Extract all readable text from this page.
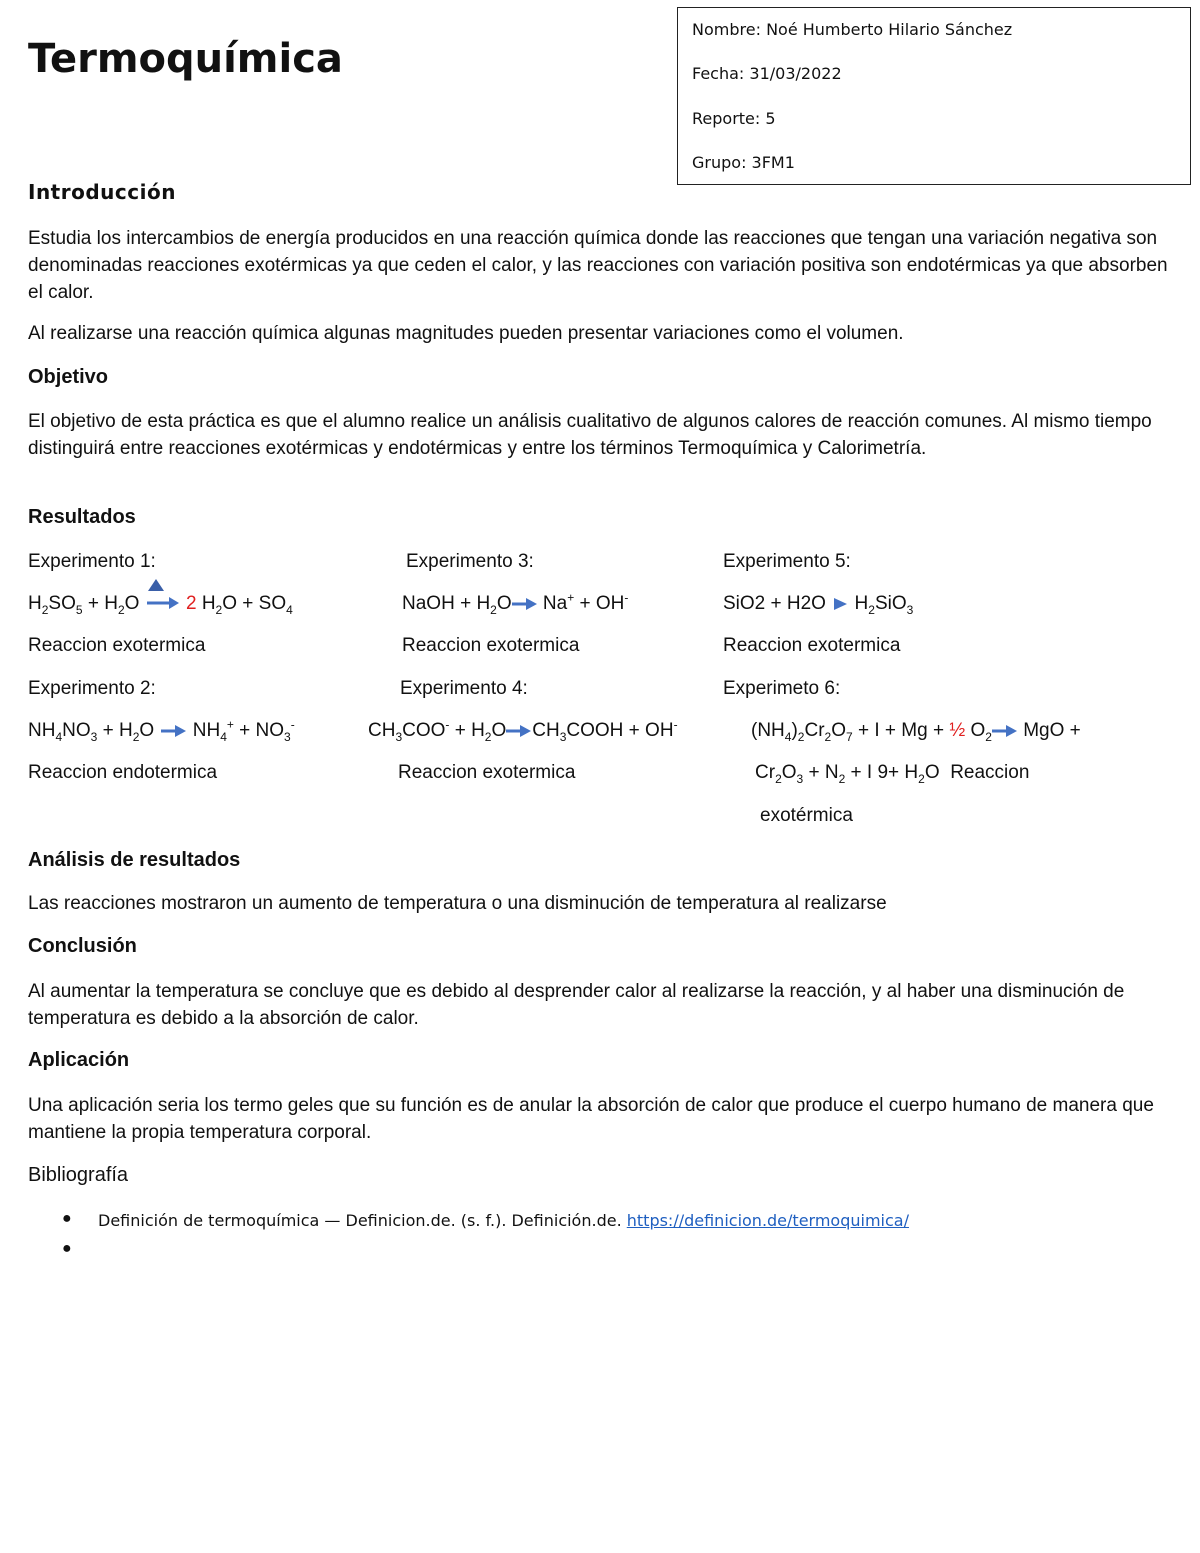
Termoquímica
Nombre: Noé Humberto Hilario Sánchez
Fecha: 31/03/2022
Reporte: 5
Grupo: 3FM1
Introducción

Estudia los intercambios de energía producidos en una reacción química donde las reacciones que tengan una variación negativa son denominadas reacciones exotérmicas ya que ceden el calor, y las reacciones con variación positiva son endotérmicas ya que absorben el calor.

Al realizarse una reacción química algunas magnitudes pueden presentar variaciones como el volumen.

Objetivo

El objetivo de esta práctica es que el alumno realice un análisis cualitativo de algunos calores de reacción comunes. Al mismo tiempo distinguirá entre reacciones exotérmicas y endotérmicas y entre los términos Termoquímica y Calorimetría.

Resultados
Experimento 1:	Experimento 3:	Experimento 5:
$H_2SO_5 + H_2O$  2 $H_2O + SO_4$	NaOH + $H_2O$ Na+ + OH-	SiO2 + H2O  $H_2SiO_3$
Reaccion exotermica	Reaccion exotermica	Reaccion exotermica
Experimento 2:	Experimento 4:	Experimeto 6:
$NH_4NO_3 + H_2O$  $NH_4^+ + NO_3^-$	$CH_3COO^- + H_2O$ $CH_3COOH + OH^-$	$(NH_4)_2Cr_2O_7 + I + Mg$ + ½ $O_2$ MgO +
Reaccion endotermica	Reaccion exotermica	$Cr_2O_3 + N_2 + I$ $9+ H_2O$  Reaccion
exotérmica
Análisis de resultados

Las reacciones mostraron un aumento de temperatura o una disminución de temperatura al realizarse

Conclusión

Al aumentar la temperatura se concluye que es debido al desprender calor al realizarse la reacción, y al haber una disminución de temperatura es debido a la absorción de calor.

Aplicación

Una aplicación seria los termo geles que su función es de anular la absorción de calor que produce el cuerpo humano de manera que mantiene la propia temperatura corporal.

Bibliografía
● Definición de termoquímica — Definicion.de. (s. f.). Definición.de. https://definicion.de/termoquimica/
●
